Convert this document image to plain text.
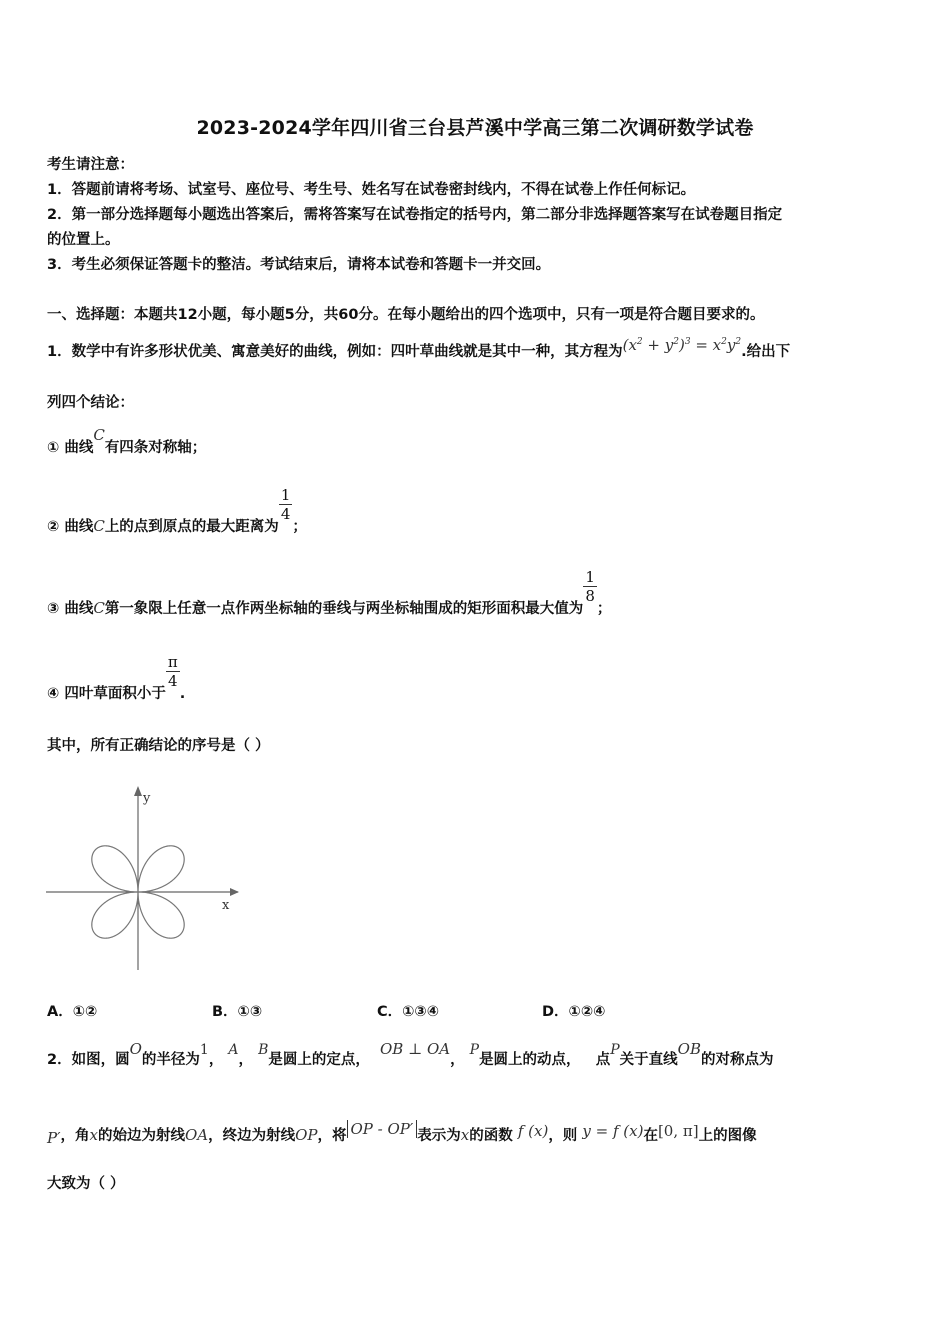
2023-2024学年四川省三台县芦溪中学高三第二次调研数学试卷
考生请注意：
1．答题前请将考场、试室号、座位号、考生号、姓名写在试卷密封线内，不得在试卷上作任何标记。
2．第一部分选择题每小题选出答案后，需将答案写在试卷指定的括号内，第二部分非选择题答案写在试卷题目指定
的位置上。
3．考生必须保证答题卡的整洁。考试结束后，请将本试卷和答题卡一并交回。
一、选择题：本题共12小题，每小题5分，共60分。在每小题给出的四个选项中，只有一项是符合题目要求的。
1．数学中有许多形状优美、寓意美好的曲线，例如：四叶草曲线就是其中一种，其方程为$(x^2 + y^2)^3 = x^2y^2$.给出下
列四个结论：
① 曲线C有四条对称轴；
② 曲线C上的点到原点的最大距离为
$\frac{1}{4}$
；
③ 曲线C第一象限上任意一点作两坐标轴的垂线与两坐标轴围成的矩形面积最大值为
$\frac{1}{8}$
；
④ 四叶草面积小于
$\frac{\pi}{4}$
.
其中，所有正确结论的序号是（ ）
y
x
A．①②	B．①③	C．①③④	D．①②④
2．如图，圆O的半径为1， A， B是圆上的定点，  OB ⊥ OA， P是圆上的动点， 点P关于直线OB的对称点为
P′，角x的始边为射线OA，终边为射线OP，将 OP - OP′ 表示为x的函数 f (x)，则 y = f (x)在[0, π]上的图像
大致为（ ）
